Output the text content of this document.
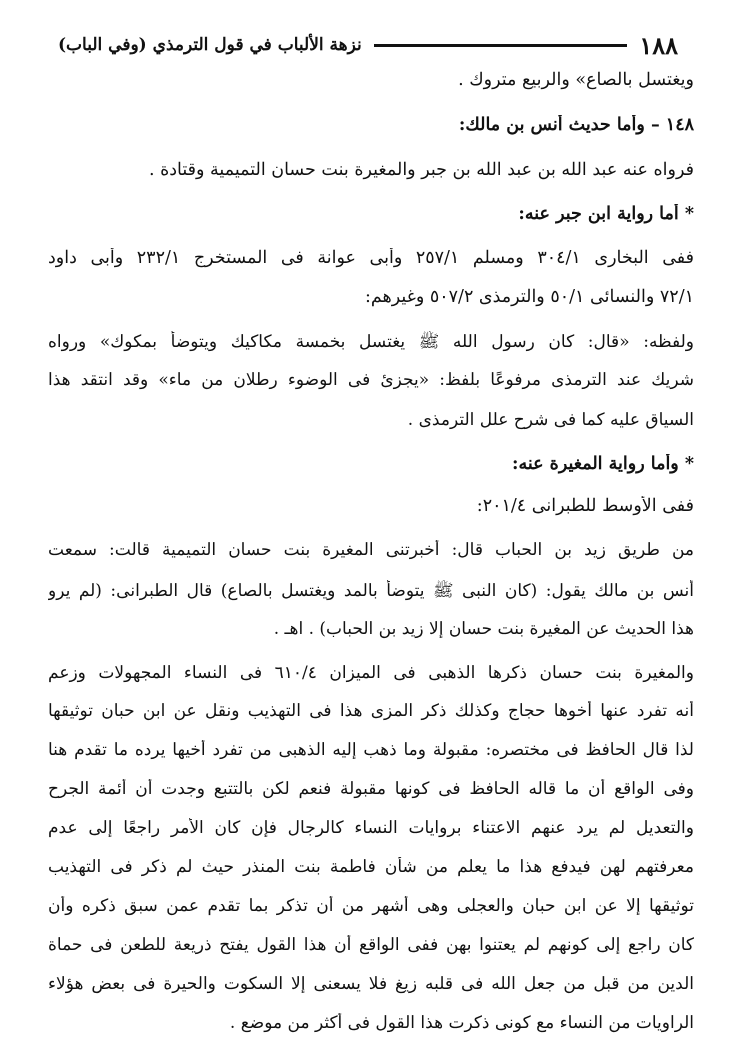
١٨٨
نزهة الألباب في قول الترمذي (وفي الباب)
ويغتسل بالصاع» والربيع متروك .
١٤٨ – وأما حديث أنس بن مالك:
فرواه عنه عبد الله بن عبد الله بن جبر والمغيرة بنت حسان التميمية وقتادة .
* أما رواية ابن جبر عنه:
ففى البخارى ٣٠٤/١ ومسلم ٢٥٧/١ وأبى عوانة فى المستخرج ٢٣٢/١ وأبى داود
٧٢/١ والنسائى ٥٠/١ والترمذى ٥٠٧/٢ وغيرهم:
ولفظه: «قال: كان رسول الله ﷺ يغتسل بخمسة مكاكيك ويتوضأ بمكوك» ورواه
شريك عند الترمذى مرفوعًا بلفظ: «يجزئ فى الوضوء رطلان من ماء» وقد انتقد هذا
السياق عليه كما فى شرح علل الترمذى .
* وأما رواية المغيرة عنه:
ففى الأوسط للطبرانى ٢٠١/٤:
من طريق زيد بن الحباب قال: أخبرتنى المغيرة بنت حسان التميمية قالت: سمعت
أنس بن مالك يقول: (كان النبى ﷺ يتوضأ بالمد ويغتسل بالصاع) قال الطبرانى: (لم يرو
هذا الحديث عن المغيرة بنت حسان إلا زيد بن الحباب) . اهـ .
والمغيرة بنت حسان ذكرها الذهبى فى الميزان ٦١٠/٤ فى النساء المجهولات وزعم
أنه تفرد عنها أخوها حجاج وكذلك ذكر المزى هذا فى التهذيب ونقل عن ابن حبان توثيقها
لذا قال الحافظ فى مختصره: مقبولة وما ذهب إليه الذهبى من تفرد أخيها يرده ما تقدم هنا
وفى الواقع أن ما قاله الحافظ فى كونها مقبولة فنعم لكن بالتتبع وجدت أن أئمة الجرح
والتعديل لم يرد عنهم الاعتناء بروايات النساء كالرجال فإن كان الأمر راجعًا إلى عدم
معرفتهم لهن فيدفع هذا ما يعلم من شأن فاطمة بنت المنذر حيث لم ذكر فى التهذيب
توثيقها إلا عن ابن حبان والعجلى وهى أشهر من أن تذكر بما تقدم عمن سبق ذكره وأن
كان راجع إلى كونهم لم يعتنوا بهن ففى الواقع أن هذا القول يفتح ذريعة للطعن فى حماة
الدين من قبل من جعل الله فى قلبه زيغ فلا يسعنى إلا السكوت والحيرة فى بعض هؤلاء
الراويات من النساء مع كونى ذكرت هذا القول فى أكثر من موضع .
